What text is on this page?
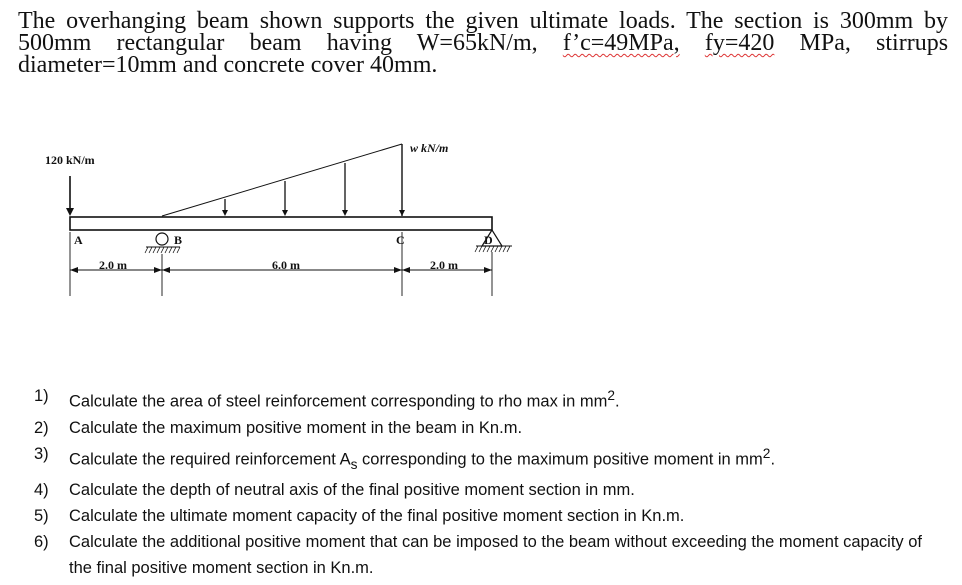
The overhanging beam shown supports the given ultimate loads. The section is 300mm by 500mm rectangular beam having W=65kN/m, f’c=49MPa, fy=420 MPa, stirrups diameter=10mm and concrete cover 40mm.
120 kN/m
w kN/m
A	B	C	D
2.0 m	6.0 m	2.0 m
1) Calculate the area of steel reinforcement corresponding to rho max in $mm^2$.
2) Calculate the maximum positive moment in the beam in Kn.m.
3) Calculate the required reinforcement $A_s$ corresponding to the maximum positive moment in $mm^2$.
4) Calculate the depth of neutral axis of the final positive moment section in mm.
5) Calculate the ultimate moment capacity of the final positive moment section in Kn.m.
6) Calculate the additional positive moment that can be imposed to the beam without exceeding the moment capacity of the final positive moment section in Kn.m.
